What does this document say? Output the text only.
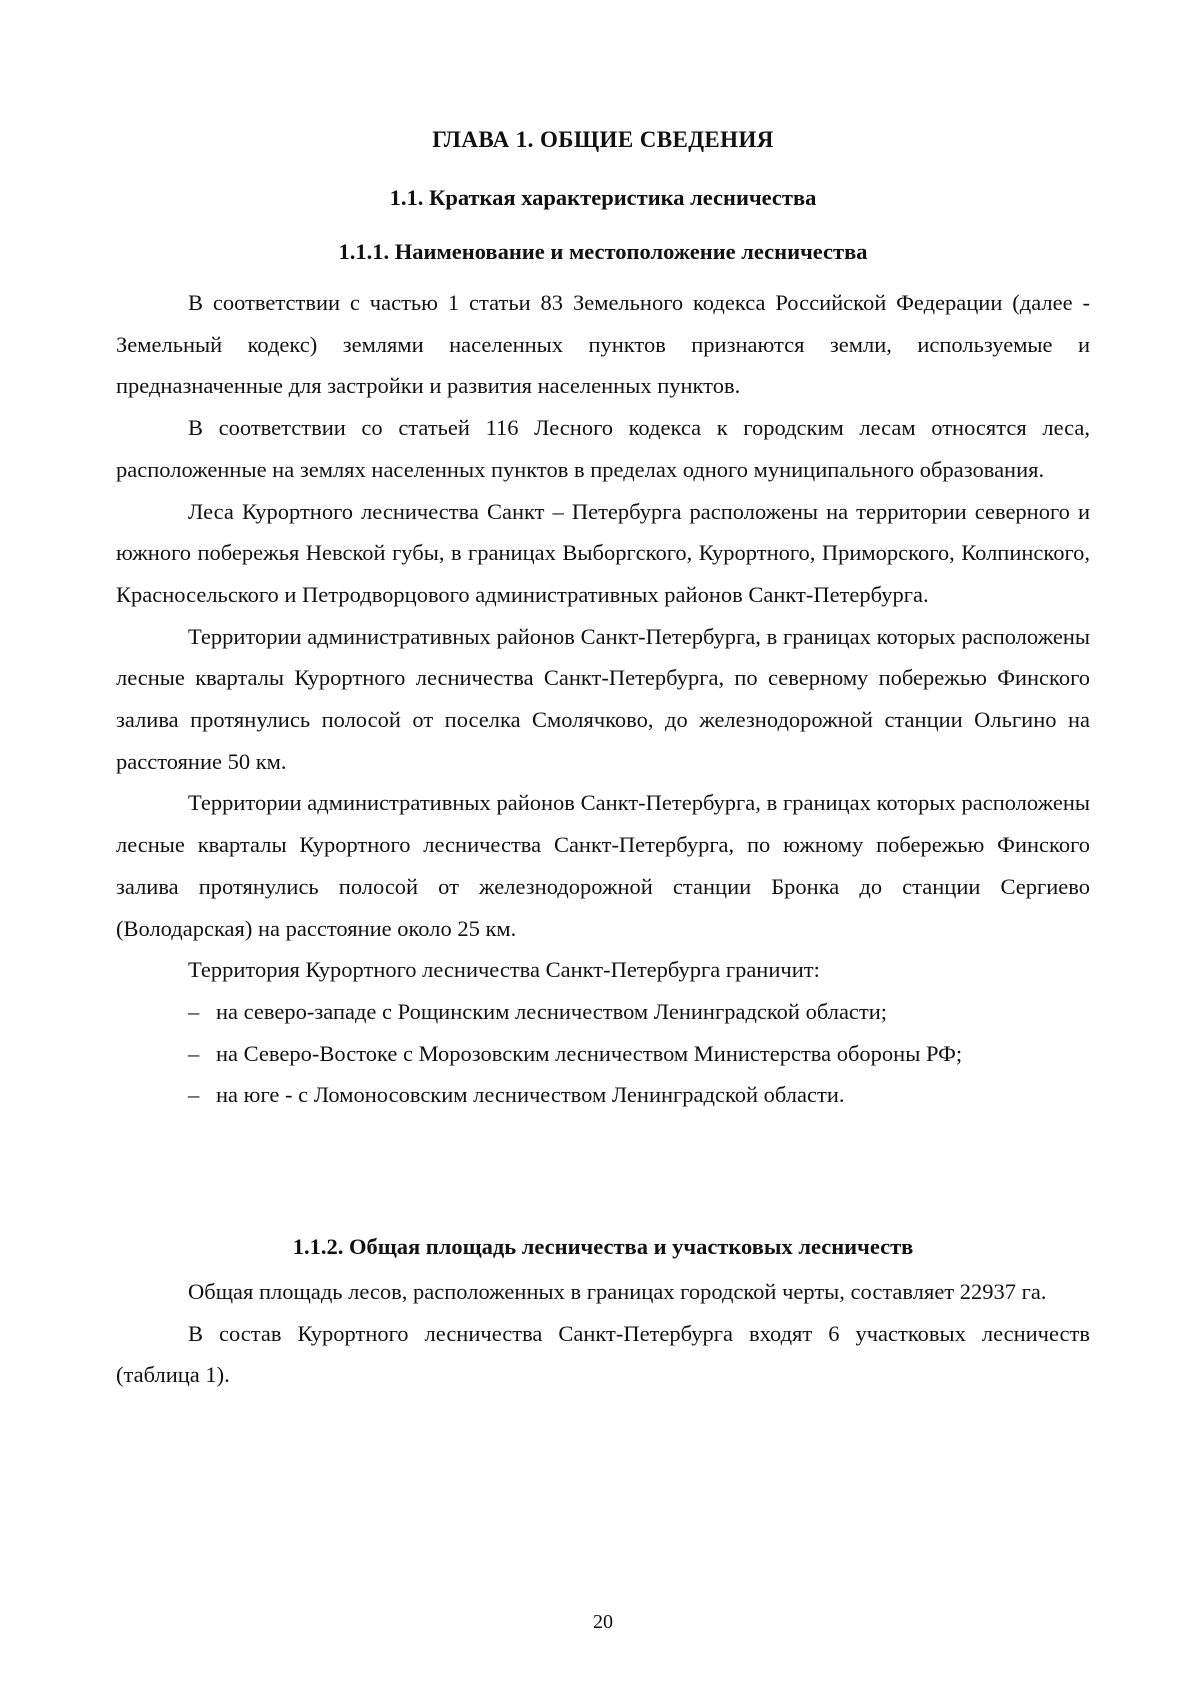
ГЛАВА 1. ОБЩИЕ СВЕДЕНИЯ
1.1. Краткая характеристика лесничества
1.1.1. Наименование и местоположение лесничества

В соответствии с частью 1 статьи 83 Земельного кодекса Российской Федерации (далее - Земельный кодекс) землями населенных пунктов признаются земли, используемые и предназначенные для застройки и развития населенных пунктов.

В соответствии со статьей 116 Лесного кодекса к городским лесам относятся леса, расположенные на землях населенных пунктов в пределах одного муниципального образования.

Леса Курортного лесничества Санкт – Петербурга расположены на территории северного и южного побережья Невской губы, в границах Выборгского, Курортного, Приморского, Колпинского, Красносельского и Петродворцового административных районов Санкт-Петербурга.

Территории административных районов Санкт-Петербурга, в границах которых расположены лесные кварталы Курортного лесничества Санкт-Петербурга, по северному побережью Финского залива протянулись полосой от поселка Смолячково, до железнодорожной станции Ольгино на расстояние 50 км.

Территории административных районов Санкт-Петербурга, в границах которых расположены лесные кварталы Курортного лесничества Санкт-Петербурга, по южному побережью Финского залива протянулись полосой от железнодорожной станции Бронка до станции Сергиево (Володарская) на расстояние около 25 км.

Территория Курортного лесничества Санкт-Петербурга граничит:

– на северо-западе с Рощинским лесничеством Ленинградской области;
– на Северо-Востоке с Морозовским лесничеством Министерства обороны РФ;
– на юге - с Ломоносовским лесничеством Ленинградской области.
1.1.2. Общая площадь лесничества и участковых лесничеств

Общая площадь лесов, расположенных в границах городской черты, составляет 22937 га.

В состав Курортного лесничества Санкт-Петербурга входят 6 участковых лесничеств (таблица 1).

20
